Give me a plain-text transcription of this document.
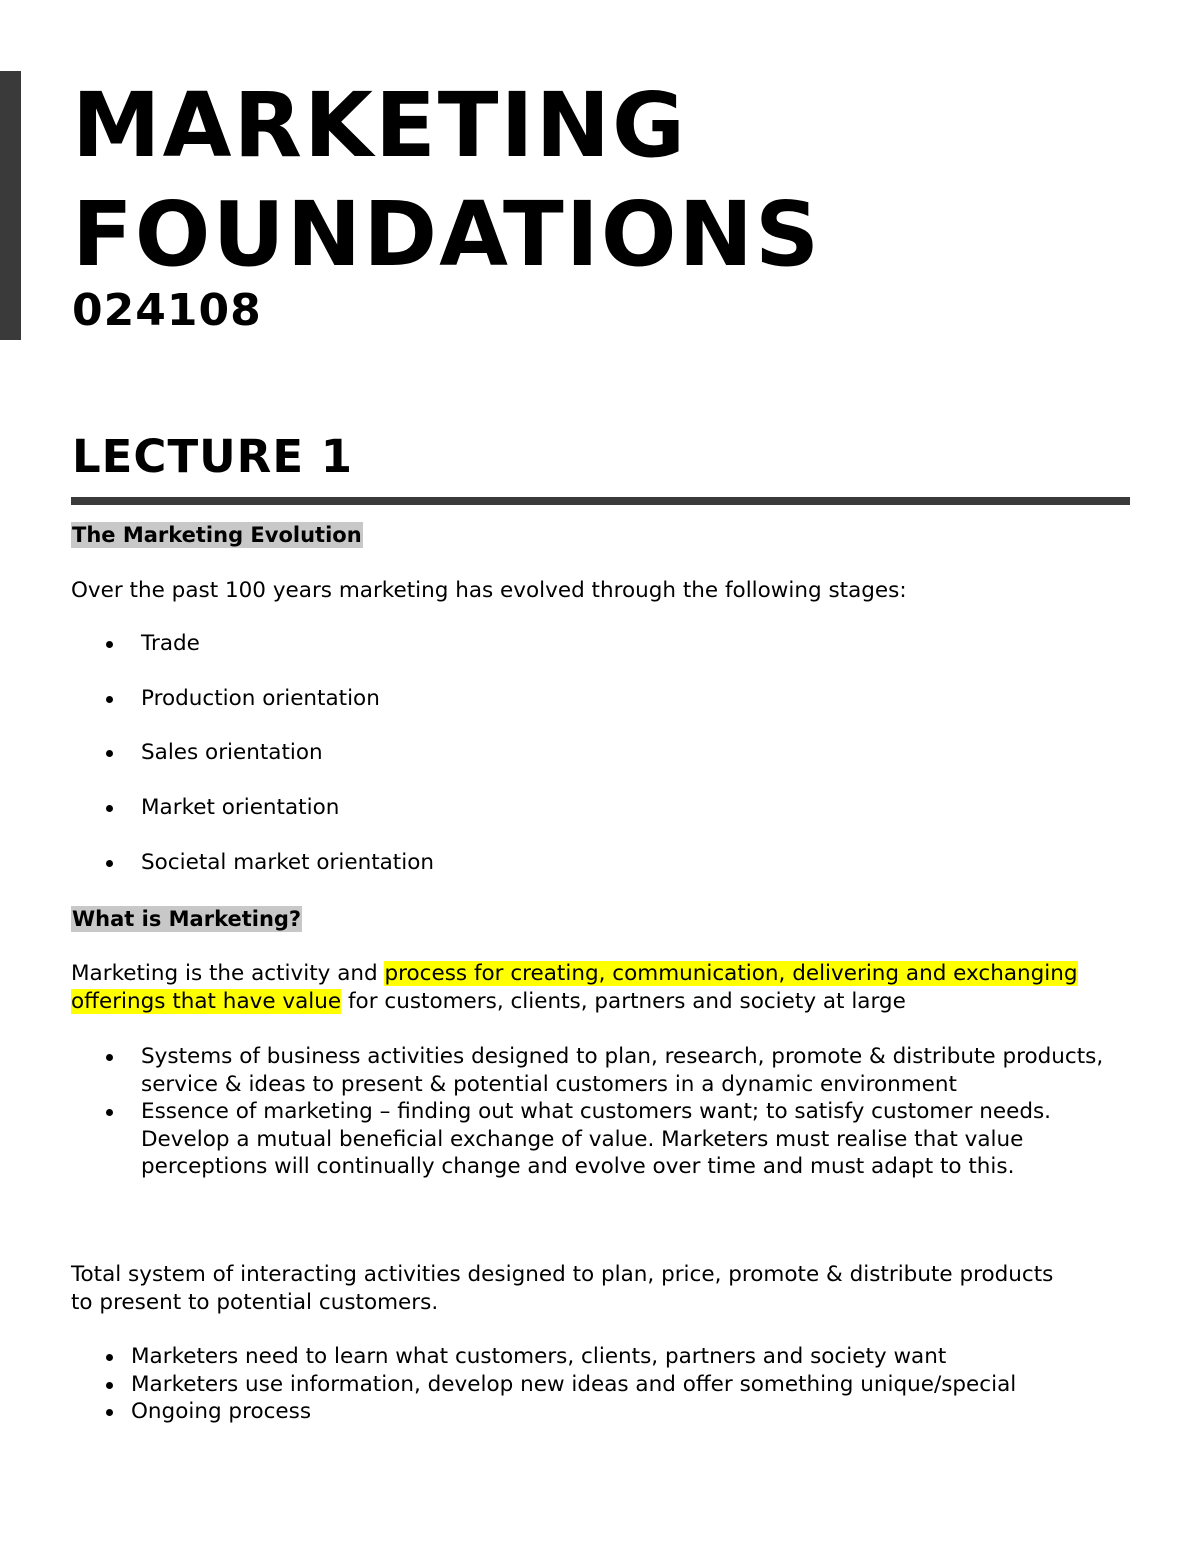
MARKETING
FOUNDATIONS
024108
LECTURE 1
The Marketing Evolution

Over the past 100 years marketing has evolved through the following stages:

Trade
Production orientation
Sales orientation
Market orientation
Societal market orientation
What is Marketing?

Marketing is the activity and process for creating, communication, delivering and exchanging offerings that have value for customers, clients, partners and society at large

Systems of business activities designed to plan, research, promote & distribute products, service & ideas to present & potential customers in a dynamic environment
Essence of marketing – finding out what customers want; to satisfy customer needs. Develop a mutual beneficial exchange of value. Marketers must realise that value perceptions will continually change and evolve over time and must adapt to this.

Total system of interacting activities designed to plan, price, promote & distribute products to present to potential customers.

Marketers need to learn what customers, clients, partners and society want
Marketers use information, develop new ideas and offer something unique/special
Ongoing process
